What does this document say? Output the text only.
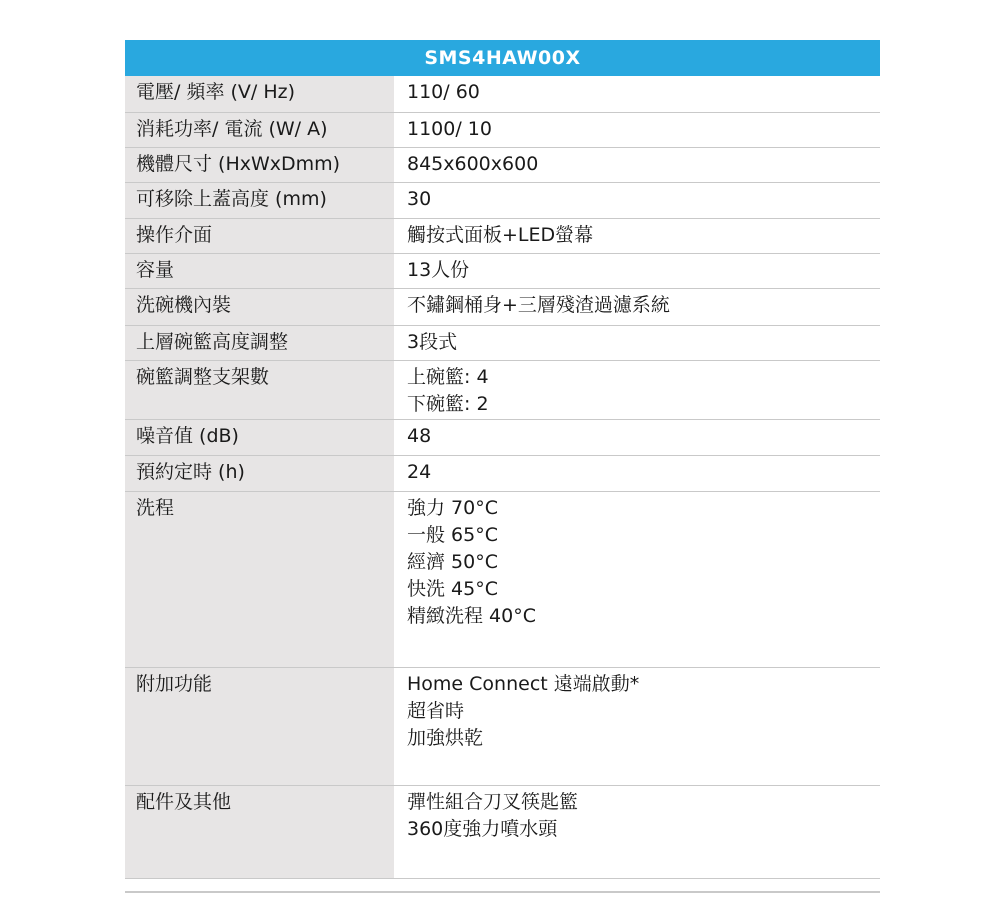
SMS4HAW00X
電壓/ 頻率 (V/ Hz)	110/ 60
消耗功率/ 電流 (W/ A)	1100/ 10
機體尺寸 (HxWxDmm)	845x600x600
可移除上蓋高度 (mm)	30
操作介面	觸按式面板+LED螢幕
容量	13人份
洗碗機內裝	不鏽鋼桶身+三層殘渣過濾系統
上層碗籃高度調整	3段式
碗籃調整支架數	上碗籃: 4
下碗籃: 2
噪音值 (dB)	48
預約定時 (h)	24
洗程	強力 70°C
一般 65°C
經濟 50°C
快洗 45°C
精緻洗程 40°C
附加功能	Home Connect 遠端啟動*
超省時
加強烘乾
配件及其他	彈性組合刀叉筷匙籃
360度強力噴水頭
